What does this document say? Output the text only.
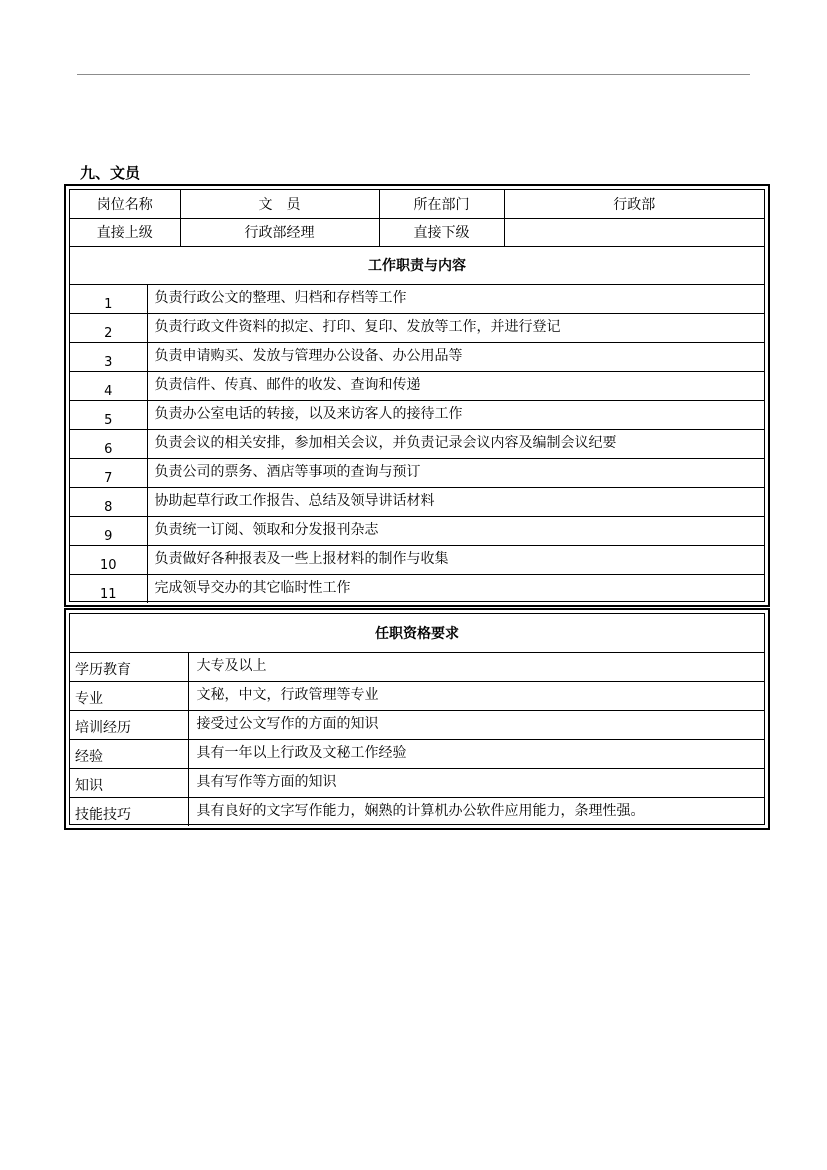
九、文员
岗位名称		文　员	所在部门	行政部
直接上级		行政部经理	直接下级	
工作职责与内容				
1	负责行政公文的整理、归档和存档等工作			
2	负责行政文件资料的拟定、打印、复印、发放等工作，并进行登记			
3	负责申请购买、发放与管理办公设备、办公用品等			
4	负责信件、传真、邮件的收发、查询和传递			
5	负责办公室电话的转接，以及来访客人的接待工作			
6	负责会议的相关安排，参加相关会议，并负责记录会议内容及编制会议纪要			
7	负责公司的票务、酒店等事项的查询与预订			
8	协助起草行政工作报告、总结及领导讲话材料			
9	负责统一订阅、领取和分发报刊杂志			
10	负责做好各种报表及一些上报材料的制作与收集			
11	完成领导交办的其它临时性工作			
任职资格要求	
学历教育	大专及以上
专业	文秘，中文，行政管理等专业
培训经历	接受过公文写作的方面的知识
经验	具有一年以上行政及文秘工作经验
知识	具有写作等方面的知识
技能技巧	具有良好的文字写作能力，娴熟的计算机办公软件应用能力，条理性强。
